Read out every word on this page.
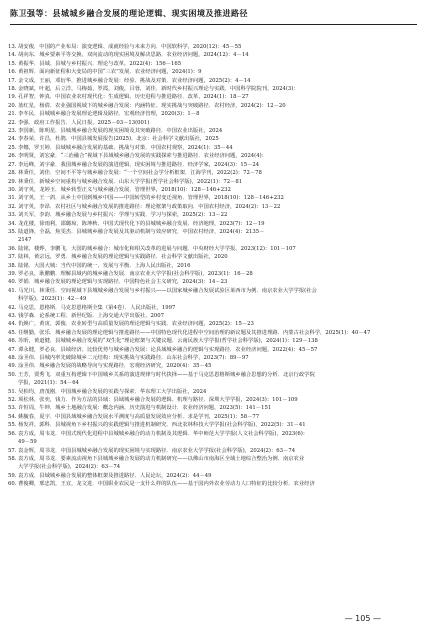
陈卫强等：县城城乡融合发展的理论逻辑、现实困境及推进路径
13. 胡安俊．中国的产业布局：演变逻辑、成就经验与未来方向．中国软科学，2020(12)：45－55
14. 胡向东．城乡要素平等交换、双向流动的现实困境及解决思路．农业经济问题，2024(12)：4－14
15. 黄振华．县域、县城与乡村振兴．理论与改革，2022(4)：156－165
16. 黄祖辉．面向新征程和大变局的中国“三农”发展．农业经济问题，2024(1)：9
17. 金文成，王丽，邓衍华．推进城乡融合发展：经验、挑战及对策．农业经济问题，2025(2)：4－14
18. 金晓斌，叶超，后立洋，马梅茹，罗霞，刘俊，吕蓉，刘佳．新时代乡村振兴理论与实践．中国科学院院刊，2024(3)：
19. 孔祥智，钟真．中国农业农村现代化：生成逻辑、历史进程与推进路径．改革，2024(1)：18－27
20. 蓝红星，杨倩．农业强国视域下的城乡融合发展：内涵特征、现实挑战与突破路径．农村经济，2024(2)：12－20
21. 李冬民．县城城乡融合发展理论逻辑及路径．宏观经济管理，2020(3)：1－8
22. 李强．政府工作报告．人民日报，2025－03－13(001)
23. 李国新，陈明星．县城城乡融合发展的现实困境及其突破路径．中国农业出版社，2024
24. 李春荣，许昌，杜鹃．中国县城发展报告(2025)．北京：社会科学文献出版社，2025
25. 李娜，罗玉婷．县域城乡融合发展的基础、挑战与对策．中国农村观察，2024(1)：35－44
26. 李明贤，刘宏豪．“三治融合”视域下县域城乡融合发展的实践探索与推进路径．农业经济问题，2024(4)：
27. 李远峰，刘宇豪．我国城乡融合发展的演进逻辑、现实困境与推进路径．经济学家，2024(3)：15－24
28. 林秉任，刘佳．空间不平等与城乡融合发展：“一个空间社会学分析框架．江海学刊，2022(2)：72－78
29. 林秉任．新城乡空间重构与城乡融合发展．山东大学学报(哲学社会科学版)，2022(1)：72－81
30. 刘守英，龙婷玉．城乡转型正义与城乡融合发展．管理世界，2018(10)：128－146+232
31. 刘守英，王一鸽．从乡土中国到城乡中国——中国转型的乡村变迁视角．管理世界，2018(10)：128－146+232
32. 刘守英，李昂．农村社区与城乡融合发展的推进路径：理论框架与政策取向．中国农村经济，2024(2)：13－22
33. 刘天军，李韵．城乡融合发展与乡村振兴：学理与实践．学习与探索，2025(2)：13－22
34. 龙花楼，徐雨利，邵璐琼，陈坤秋．中国式现代化下的县城城乡融合发展．经济地理，2023(7)：12－19
35. 陆道锋，全磊，焦雯杰．县城城乡融合发展及其驱动机制与效应研究．中国农村经济，2024(4)：2135－
2147
36. 陆铭，楼烨，李鹏飞．大国的城乡融合：城市化和相关改革的进展与问题．中央财经大学学报，2023(12)：101－107
37. 陆林，黄宗远，罗勇．城乡融合发展的理论逻辑与实践路径．社会科学文献出版社，2020
38. 陆铭．大国大城：当代中国的统一、发展与平衡．上海人民出版社，2016
39. 罗必良，耿鹏鹏．理解县域内的城乡融合发展．南京农业大学学报(社会科学版)，2023(1)：16－28
40. 罗娟．城乡融合发展的理论逻辑与实现路径．中国特色社会主义研究，2024(3)：14－23
41. 马光川，林秉任．空间视域下县城城乡融合发展与乡村振兴——以国家城乡融合发展试验区莱西市为例．南京农业大学学报(社会
科学版)，2023(1)：42－49
42. 马克思，恩格斯．马克思恩格斯全集（第4卷）．人民出版社，1997
43. 钱学森．论系统工程．新世纪版．上海交通大学出版社，2007
44. 仇焕广，黄寅，郭俊．农业转型与高质量发展的理论逻辑与实践．农业经济问题，2025(2)：15－23
45. 任继勤，张乐．城乡融合发展的理论逻辑与推进路径——中国特色现代化进程中空间治理的新议题及其推进理路．内蒙古社会科学，2025(1)：40－47
46. 苏昕，黄道健．县城城乡融合发展的“双生化”理论框架与关键议题．云南民族大学学报(哲学社会科学版)，2024(1)：129－138
47. 谭永健，罗必良．县域经济、比较优势与城乡融合发展：论县域城乡融合的逻辑与实现路径．农业经济问题，2022(4)：45－57
48. 涂圣伟．县城内率先破除城乡二元结构：现实挑战与实践路径．山东社会科学，2023(7)：89－97
49. 涂圣伟．城乡融合发展的战略导向与实现路径．宏观经济研究，2020(4)：35－45
50. 王芳，贾秀飞．双重互构逻辑下中国城乡关系的演进规律与时代抉择——基于马克思恩格斯城乡融合思想的分析．北京行政学院
学报，2021(1)：54－64
51. 吴柏均，唐茂刚．中国城乡融合发展的实践与探索．华东理工大学出版社，2024
52. 项松林，张奕，钱力．作为方法的县域：县域城乡融合发展的逻辑、机理与路径．深圳大学学报，2024(3)：101－109
53. 许恒周，牛坤．城乡土地融合发展：概念内涵、历史演进与机制设计．农业经济问题，2023(5)：141－151
54. 姚毓春，夏宇．中国县域城乡融合发展水平测度与高质量发展效应分析．求是学刊，2025(1)：58－77
55. 杨发祥，郭科．县城视角下乡村振兴的实践逻辑与推进机制研究．西北农林科技大学学报(社会科学版)，2022(5)：31－41
56. 袁方成，周韦龙．中国式现代化进程中县城城乡融合的动力机制及其逻辑．华中师范大学学报(人文社会科学版)，2023(6)：
49－59
57. 袁金辉，周书龙．中国县城城乡融合发展的现实困境与实现路径．南京农业大学学报(社会科学版)，2024(2)：63－74
58. 袁方成，周书龙．要素流动视角下县城城乡融合发展的动力机制研究——以佛山市南海区全域土地综合整治为例．南京农业
大学学报(社会科学版)，2024(2)：63－74
59. 袁方成．县域城乡融合发展的整体框架及推进路径．人民论坛，2024(2)：44－49
60. 曹俊卿，邢忠凯，王宜，龙文进．中国职业农民是一支什么样的队伍——基于国内外农业劳动力人口特征的比较分析．农业经济
— 105 —
